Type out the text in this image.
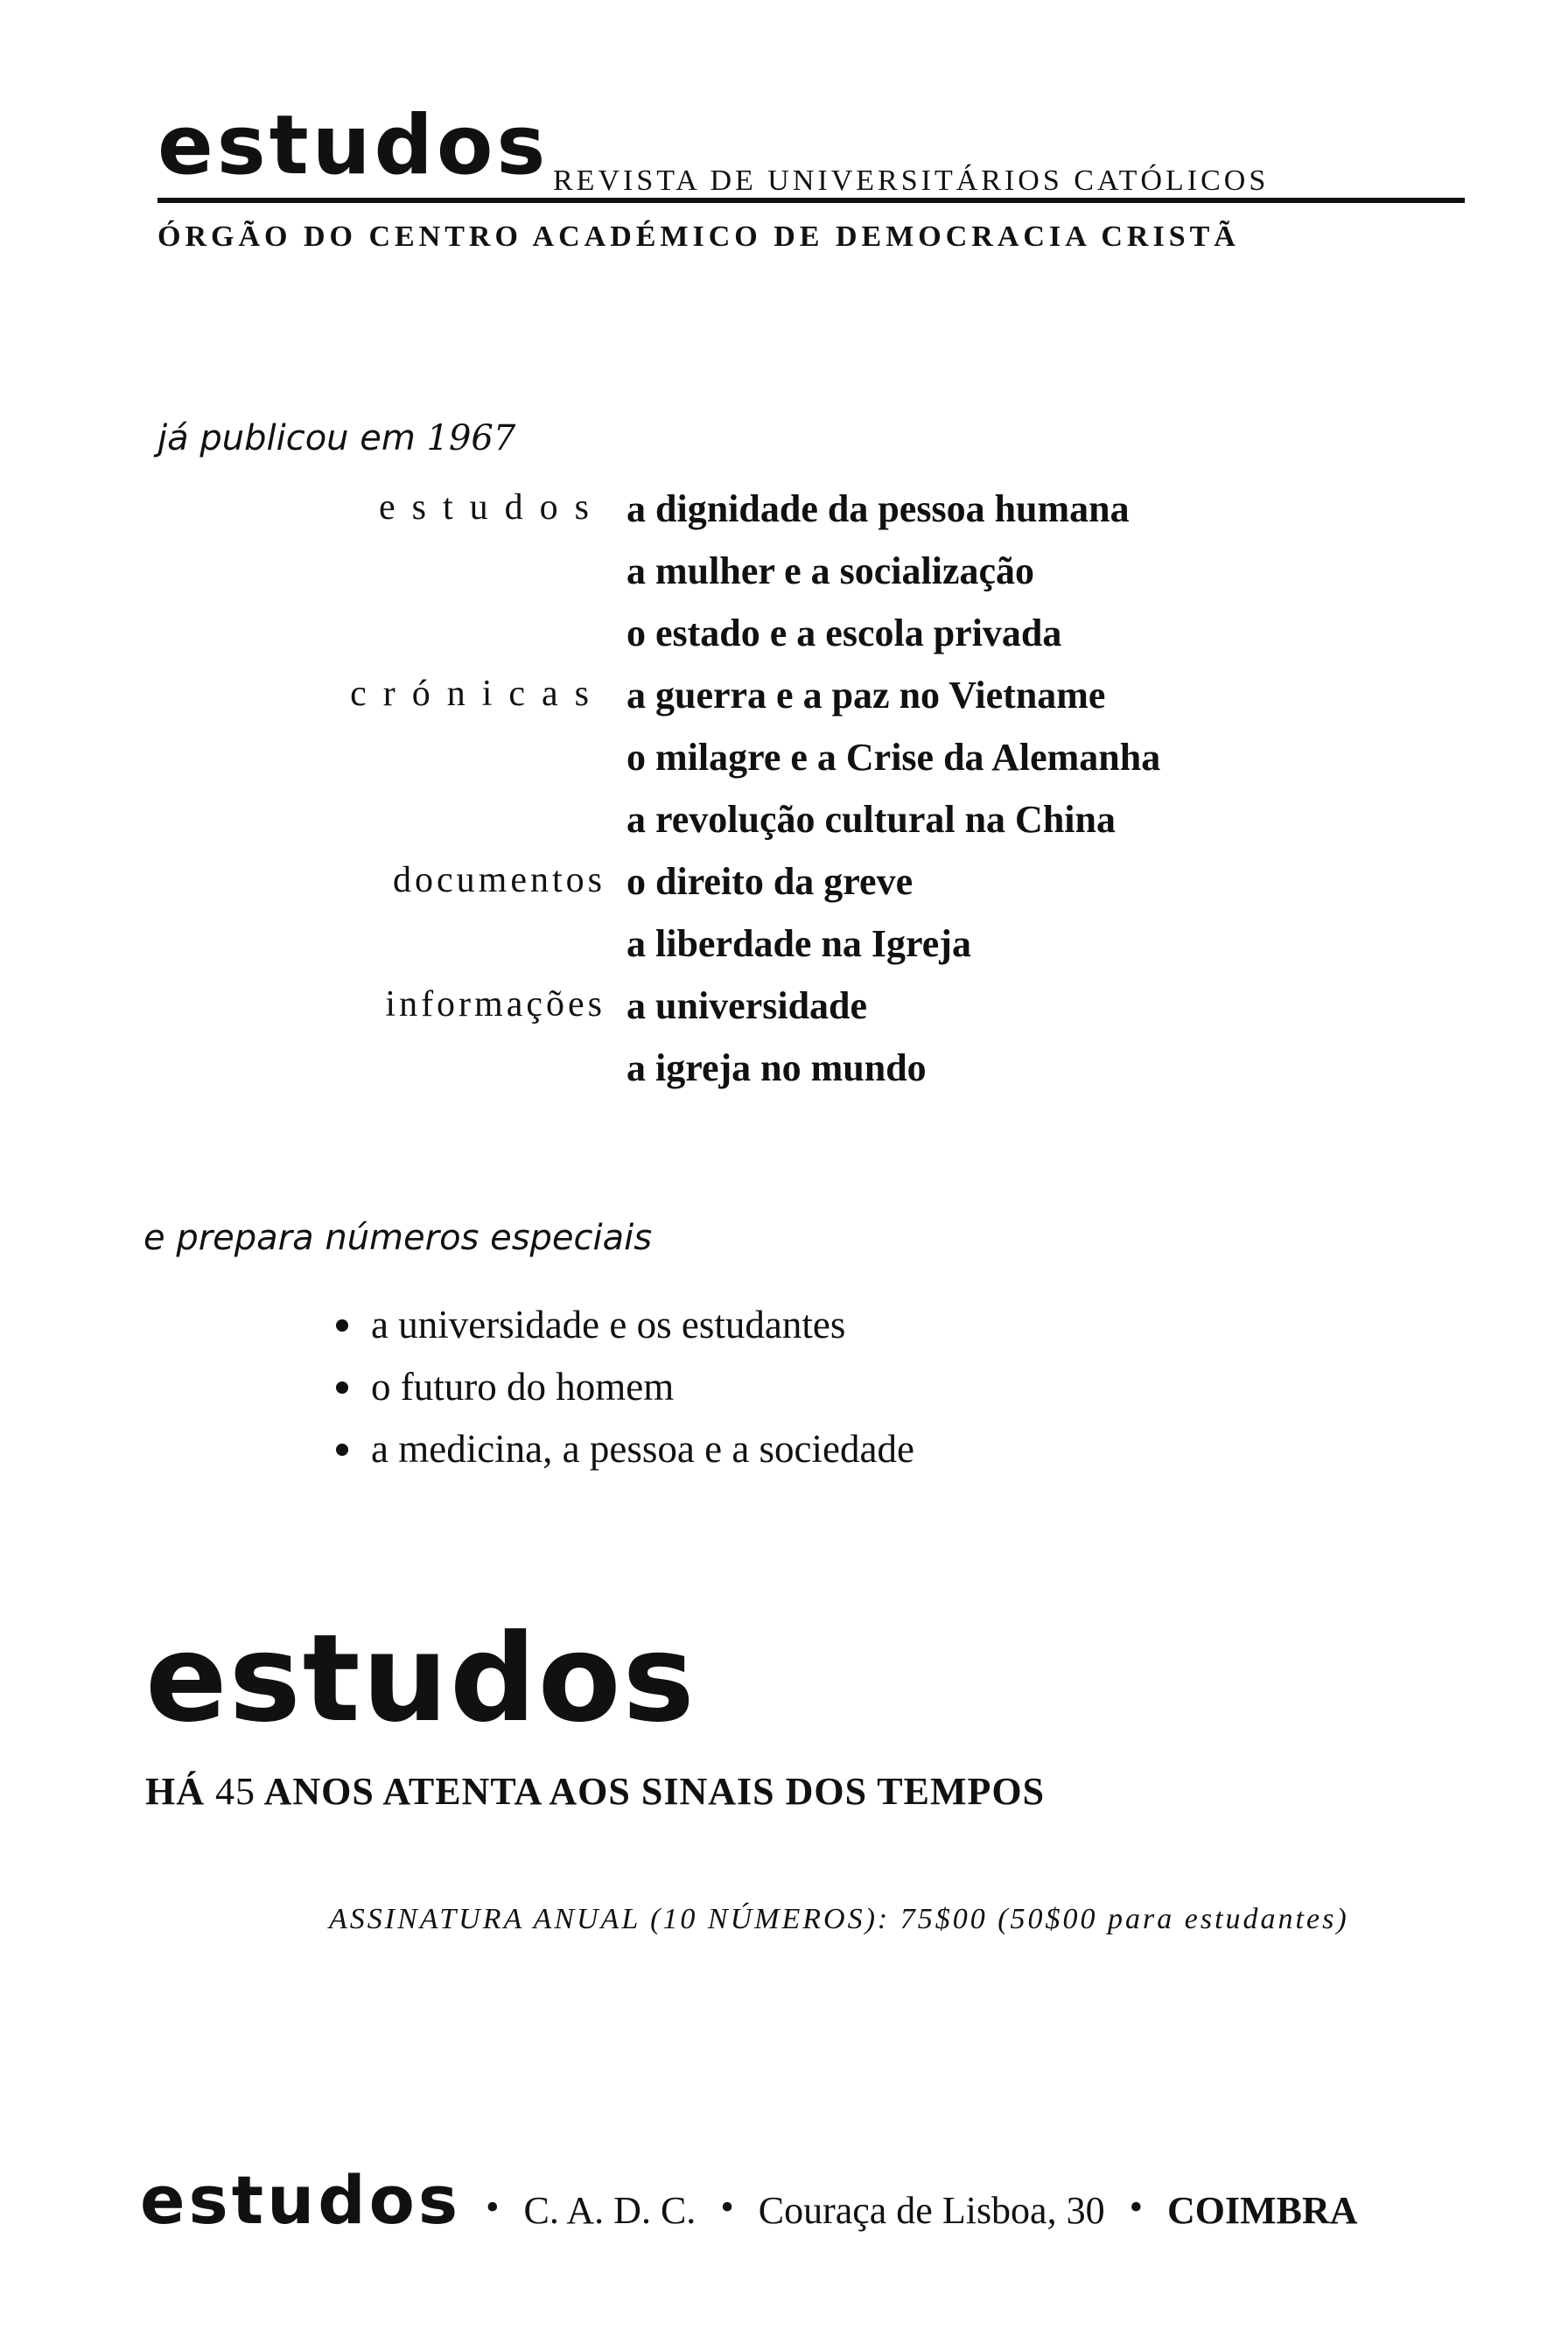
estudos REVISTA DE UNIVERSITÁRIOS CATÓLICOS
ÓRGÃO DO CENTRO ACADÉMICO DE DEMOCRACIA CRISTÃ
já publicou em 1967
estudos a dignidade da pessoa humana
a mulher e a socialização
o estado e a escola privada
crónicas a guerra e a paz no Vietname
o milagre e a Crise da Alemanha
a revolução cultural na China
documentos o direito da greve
a liberdade na Igreja
informações a universidade
a igreja no mundo
e prepara números especiais
a universidade e os estudantes
o futuro do homem
a medicina, a pessoa e a sociedade
estudos
HÁ 45 ANOS ATENTA AOS SINAIS DOS TEMPOS
ASSINATURA ANUAL (10 NÚMEROS): 75$00 (50$00 para estudantes)
estudos • C. A. D. C. • Couraça de Lisboa, 30 • COIMBRA
